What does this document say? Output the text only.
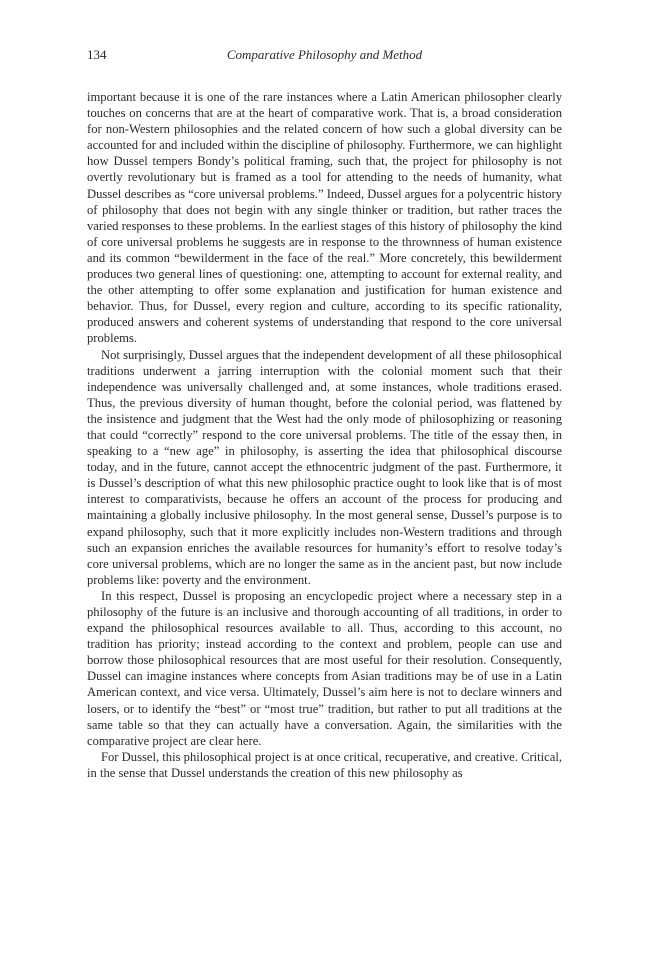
134	Comparative Philosophy and Method

important because it is one of the rare instances where a Latin American philosopher clearly touches on concerns that are at the heart of comparative work. That is, a broad consideration for non-Western philosophies and the related concern of how such a global diversity can be accounted for and included within the discipline of philosophy. Furthermore, we can highlight how Dussel tempers Bondy’s political framing, such that, the project for philosophy is not overtly revolutionary but is framed as a tool for attending to the needs of humanity, what Dussel describes as “core universal problems.” Indeed, Dussel argues for a polycentric history of philosophy that does not begin with any single thinker or tradition, but rather traces the varied responses to these problems. In the earliest stages of this history of philosophy the kind of core universal problems he suggests are in response to the thrownness of human existence and its common “bewilderment in the face of the real.” More concretely, this bewilderment produces two general lines of questioning: one, attempting to account for external reality, and the other attempting to offer some explanation and justification for human existence and behavior. Thus, for Dussel, every region and culture, according to its specific rationality, produced answers and coherent systems of understanding that respond to the core universal problems.

Not surprisingly, Dussel argues that the independent development of all these philosophical traditions underwent a jarring interruption with the colonial moment such that their independence was universally challenged and, at some instances, whole traditions erased. Thus, the previous diversity of human thought, before the colonial period, was flattened by the insistence and judgment that the West had the only mode of philosophizing or reasoning that could “correctly” respond to the core universal problems. The title of the essay then, in speaking to a “new age” in philosophy, is asserting the idea that philosophical discourse today, and in the future, cannot accept the ethnocentric judgment of the past. Furthermore, it is Dussel’s description of what this new philosophic practice ought to look like that is of most interest to comparativists, because he offers an account of the process for producing and maintaining a globally inclusive philosophy. In the most general sense, Dussel’s purpose is to expand philosophy, such that it more explicitly includes non-Western traditions and through such an expansion enriches the available resources for humanity’s effort to resolve today’s core universal problems, which are no longer the same as in the ancient past, but now include problems like: poverty and the environment.

In this respect, Dussel is proposing an encyclopedic project where a necessary step in a philosophy of the future is an inclusive and thorough accounting of all traditions, in order to expand the philosophical resources available to all. Thus, according to this account, no tradition has priority; instead according to the context and problem, people can use and borrow those philosophical resources that are most useful for their resolution. Consequently, Dussel can imagine instances where concepts from Asian traditions may be of use in a Latin American context, and vice versa. Ultimately, Dussel’s aim here is not to declare winners and losers, or to identify the “best” or “most true” tradition, but rather to put all traditions at the same table so that they can actually have a conversation. Again, the similarities with the comparative project are clear here.

For Dussel, this philosophical project is at once critical, recuperative, and creative. Critical, in the sense that Dussel understands the creation of this new philosophy as
